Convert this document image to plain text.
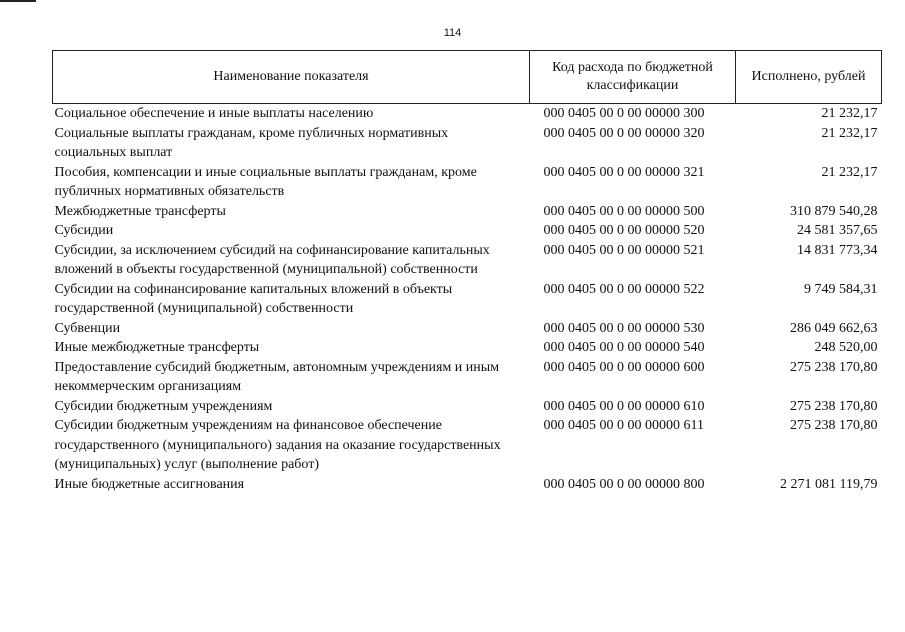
114
Наименование показателя	Код расхода по бюджетной классификации	Исполнено, рублей
Социальное обеспечение и иные выплаты населению	000 0405 00 0 00 00000 300	21 232,17
Социальные выплаты гражданам, кроме публичных нормативных социальных выплат	000 0405 00 0 00 00000 320	21 232,17
Пособия, компенсации и иные социальные выплаты гражданам, кроме публичных нормативных обязательств	000 0405 00 0 00 00000 321	21 232,17
Межбюджетные трансферты	000 0405 00 0 00 00000 500	310 879 540,28
Субсидии	000 0405 00 0 00 00000 520	24 581 357,65
Субсидии, за исключением субсидий на софинансирование капитальных вложений в объекты государственной (муниципальной) собственности	000 0405 00 0 00 00000 521	14 831 773,34
Субсидии на софинансирование капитальных вложений в объекты государственной (муниципальной) собственности	000 0405 00 0 00 00000 522	9 749 584,31
Субвенции	000 0405 00 0 00 00000 530	286 049 662,63
Иные межбюджетные трансферты	000 0405 00 0 00 00000 540	248 520,00
Предоставление субсидий бюджетным, автономным учреждениям и иным некоммерческим организациям	000 0405 00 0 00 00000 600	275 238 170,80
Субсидии бюджетным учреждениям	000 0405 00 0 00 00000 610	275 238 170,80
Субсидии бюджетным учреждениям на финансовое обеспечение государственного (муниципального) задания на оказание государственных (муниципальных) услуг (выполнение работ)	000 0405 00 0 00 00000 611	275 238 170,80
Иные бюджетные ассигнования	000 0405 00 0 00 00000 800	2 271 081 119,79
